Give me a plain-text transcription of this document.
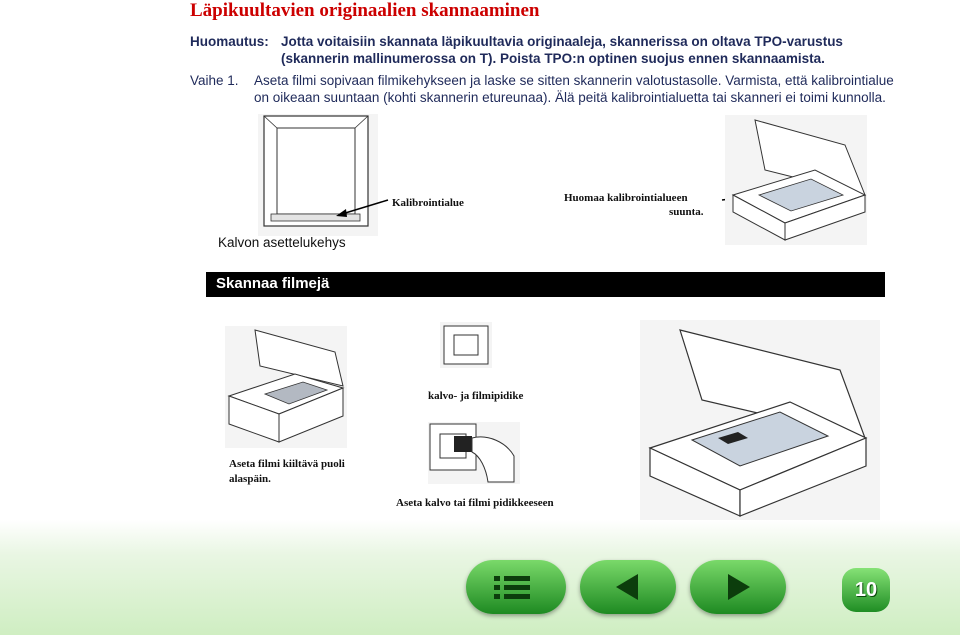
Läpikuultavien originaalien skannaaminen
Huomautus: Jotta voitaisiin skannata läpikuultavia originaaleja, skannerissa on oltava TPO-varustus
(skannerin mallinumerossa on T). Poista TPO:n optinen suojus ennen skannaamista.
Vaihe 1. Aseta filmi sopivaan filmikehykseen ja laske se sitten skannerin valotustasolle. Varmista, että kalibrointialue
on oikeaan suuntaan (kohti skannerin etureunaa). Älä peitä kalibrointialuetta tai skanneri ei toimi kunnolla.
Kalvon asettelukehys
Kalibrointialue	Huomaa kalibrointialueen
suunta.
Skannaa filmejä
kalvo- ja filmipidike
Aseta filmi kiiltävä puoli
alaspäin.
Aseta kalvo tai filmi pidikkeeseen
10
